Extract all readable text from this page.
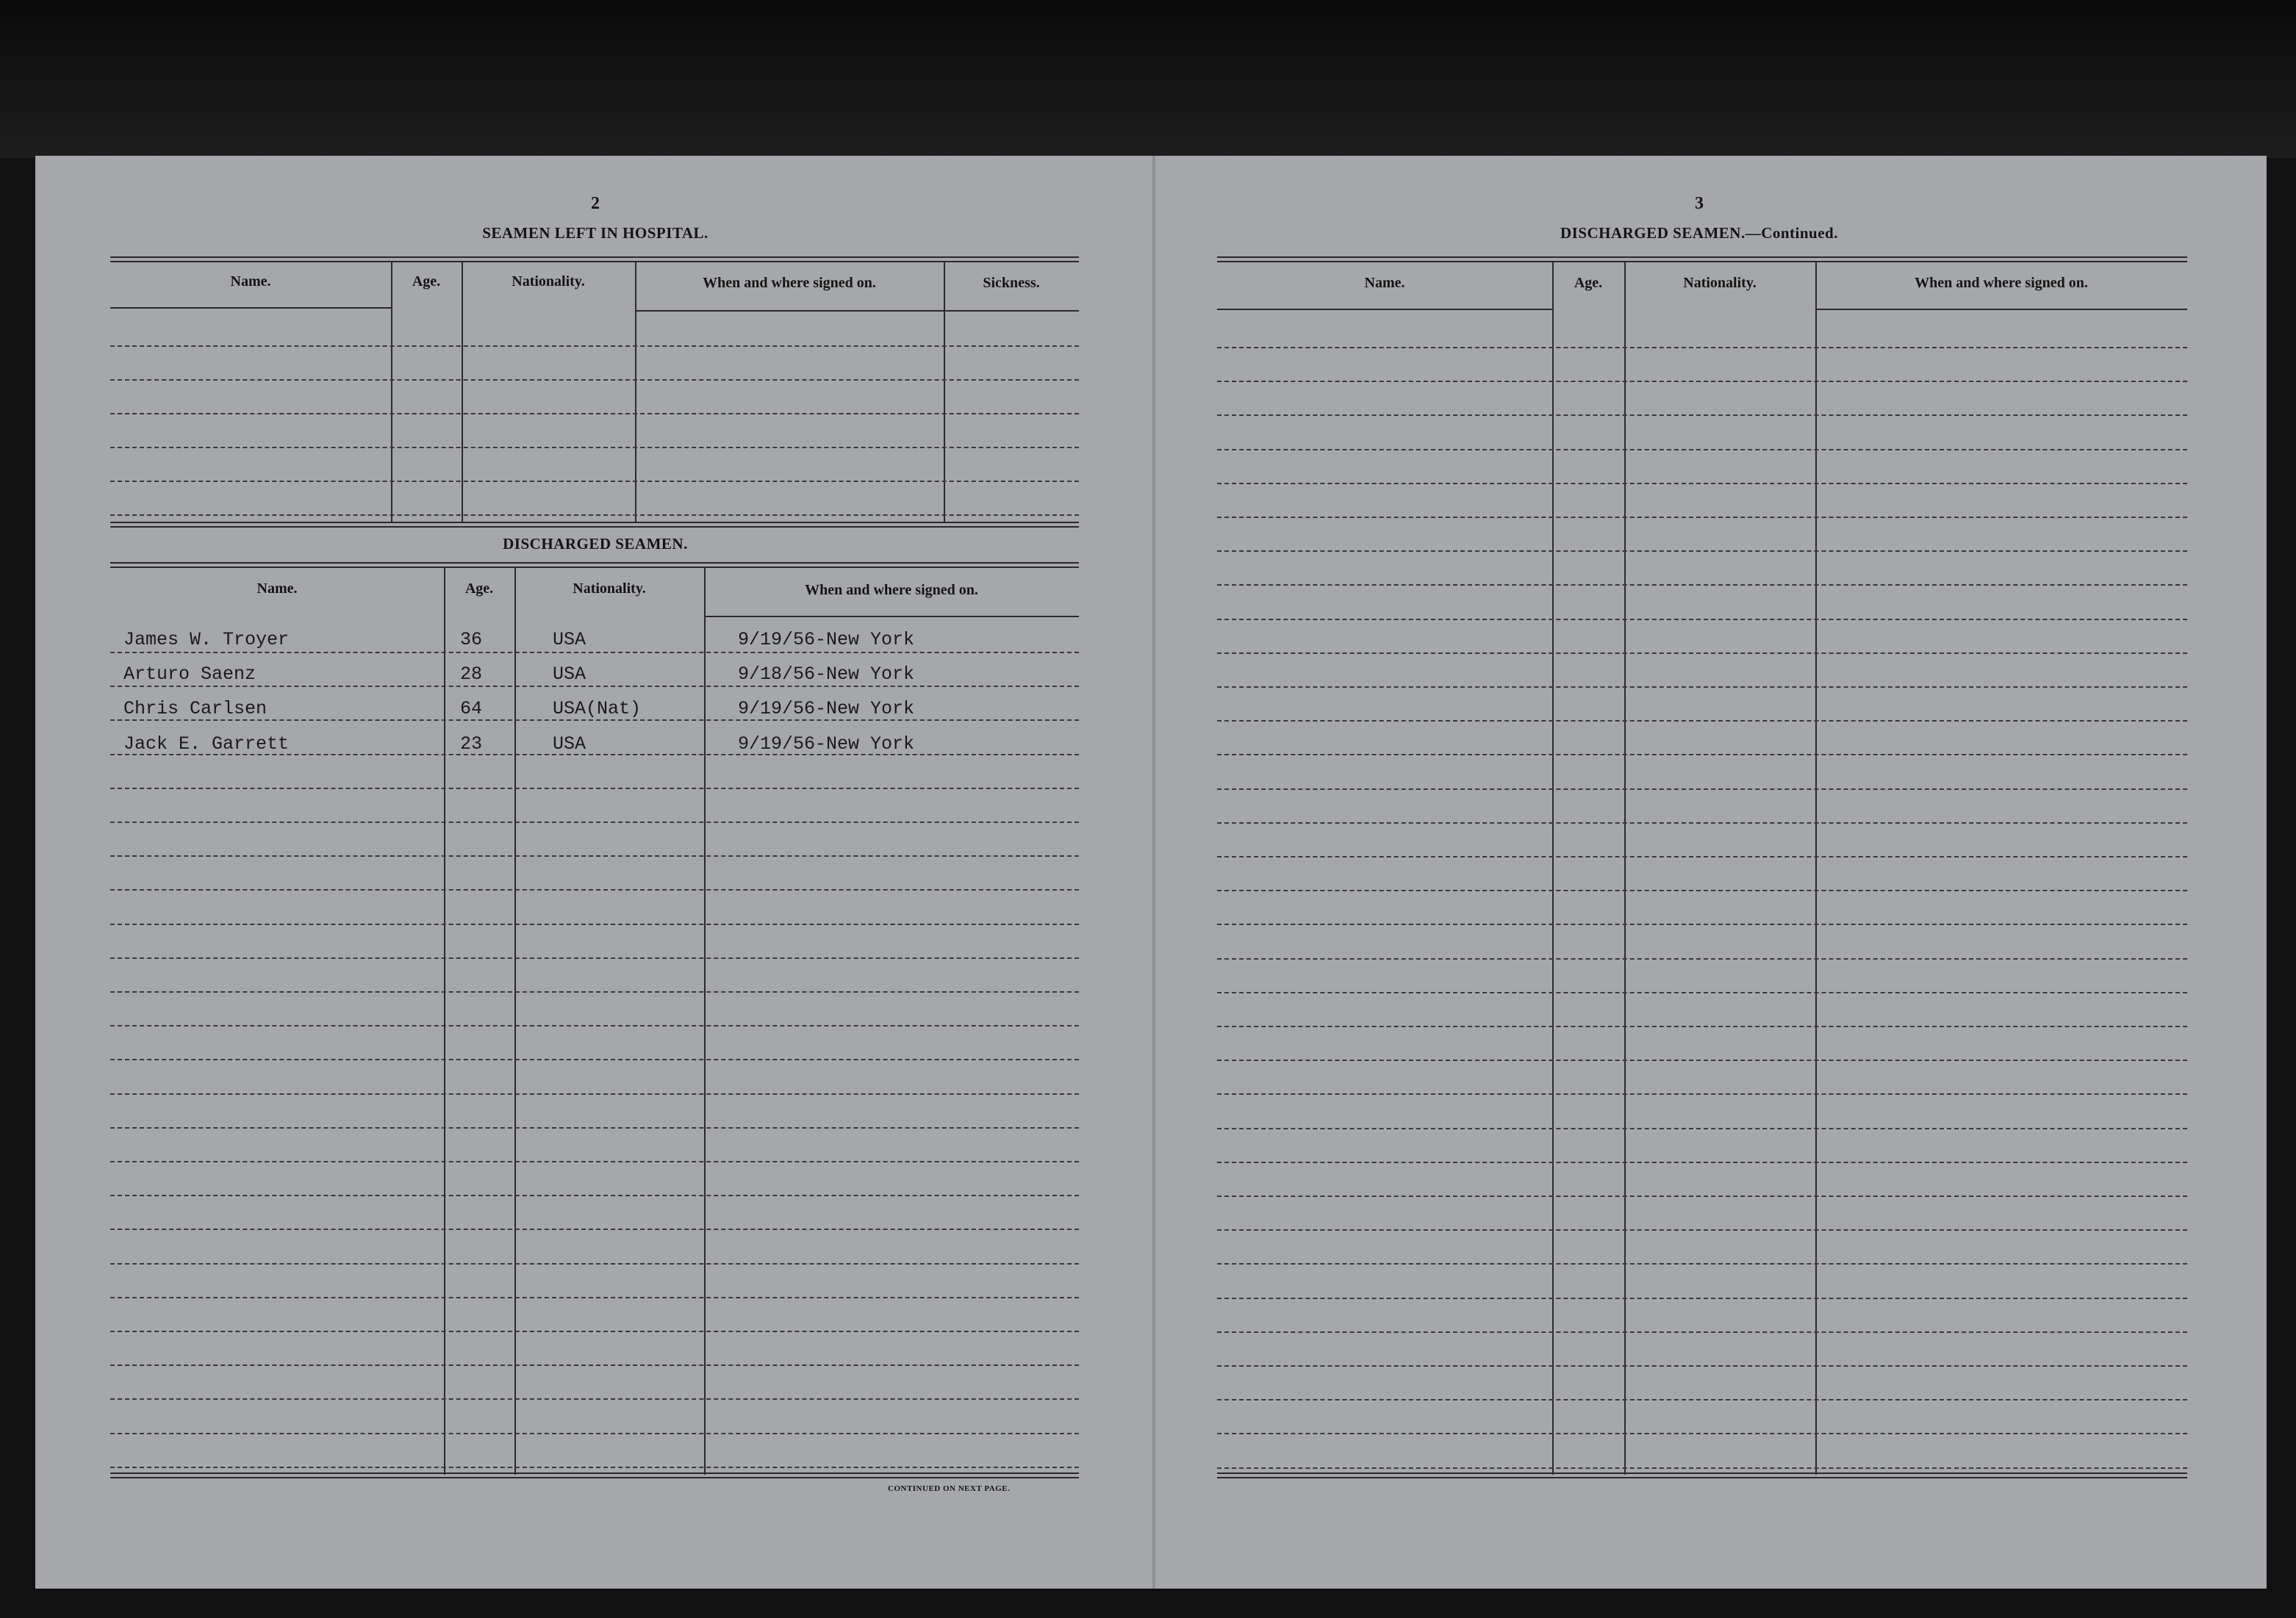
2
SEAMEN LEFT IN HOSPITAL.
Name.	Age.	Nationality.	When and where signed on.	Sickness.
DISCHARGED SEAMEN.
Name.	Age.	Nationality.	When and where signed on.
James W. Troyer	36	USA	9/19/56-New York
Arturo Saenz	28	USA	9/18/56-New York
Chris Carlsen	64	USA(Nat)	9/19/56-New York
Jack E. Garrett	23	USA	9/19/56-New York
CONTINUED ON NEXT PAGE.
3
DISCHARGED SEAMEN.—Continued.
Name.	Age.	Nationality.	When and where signed on.
